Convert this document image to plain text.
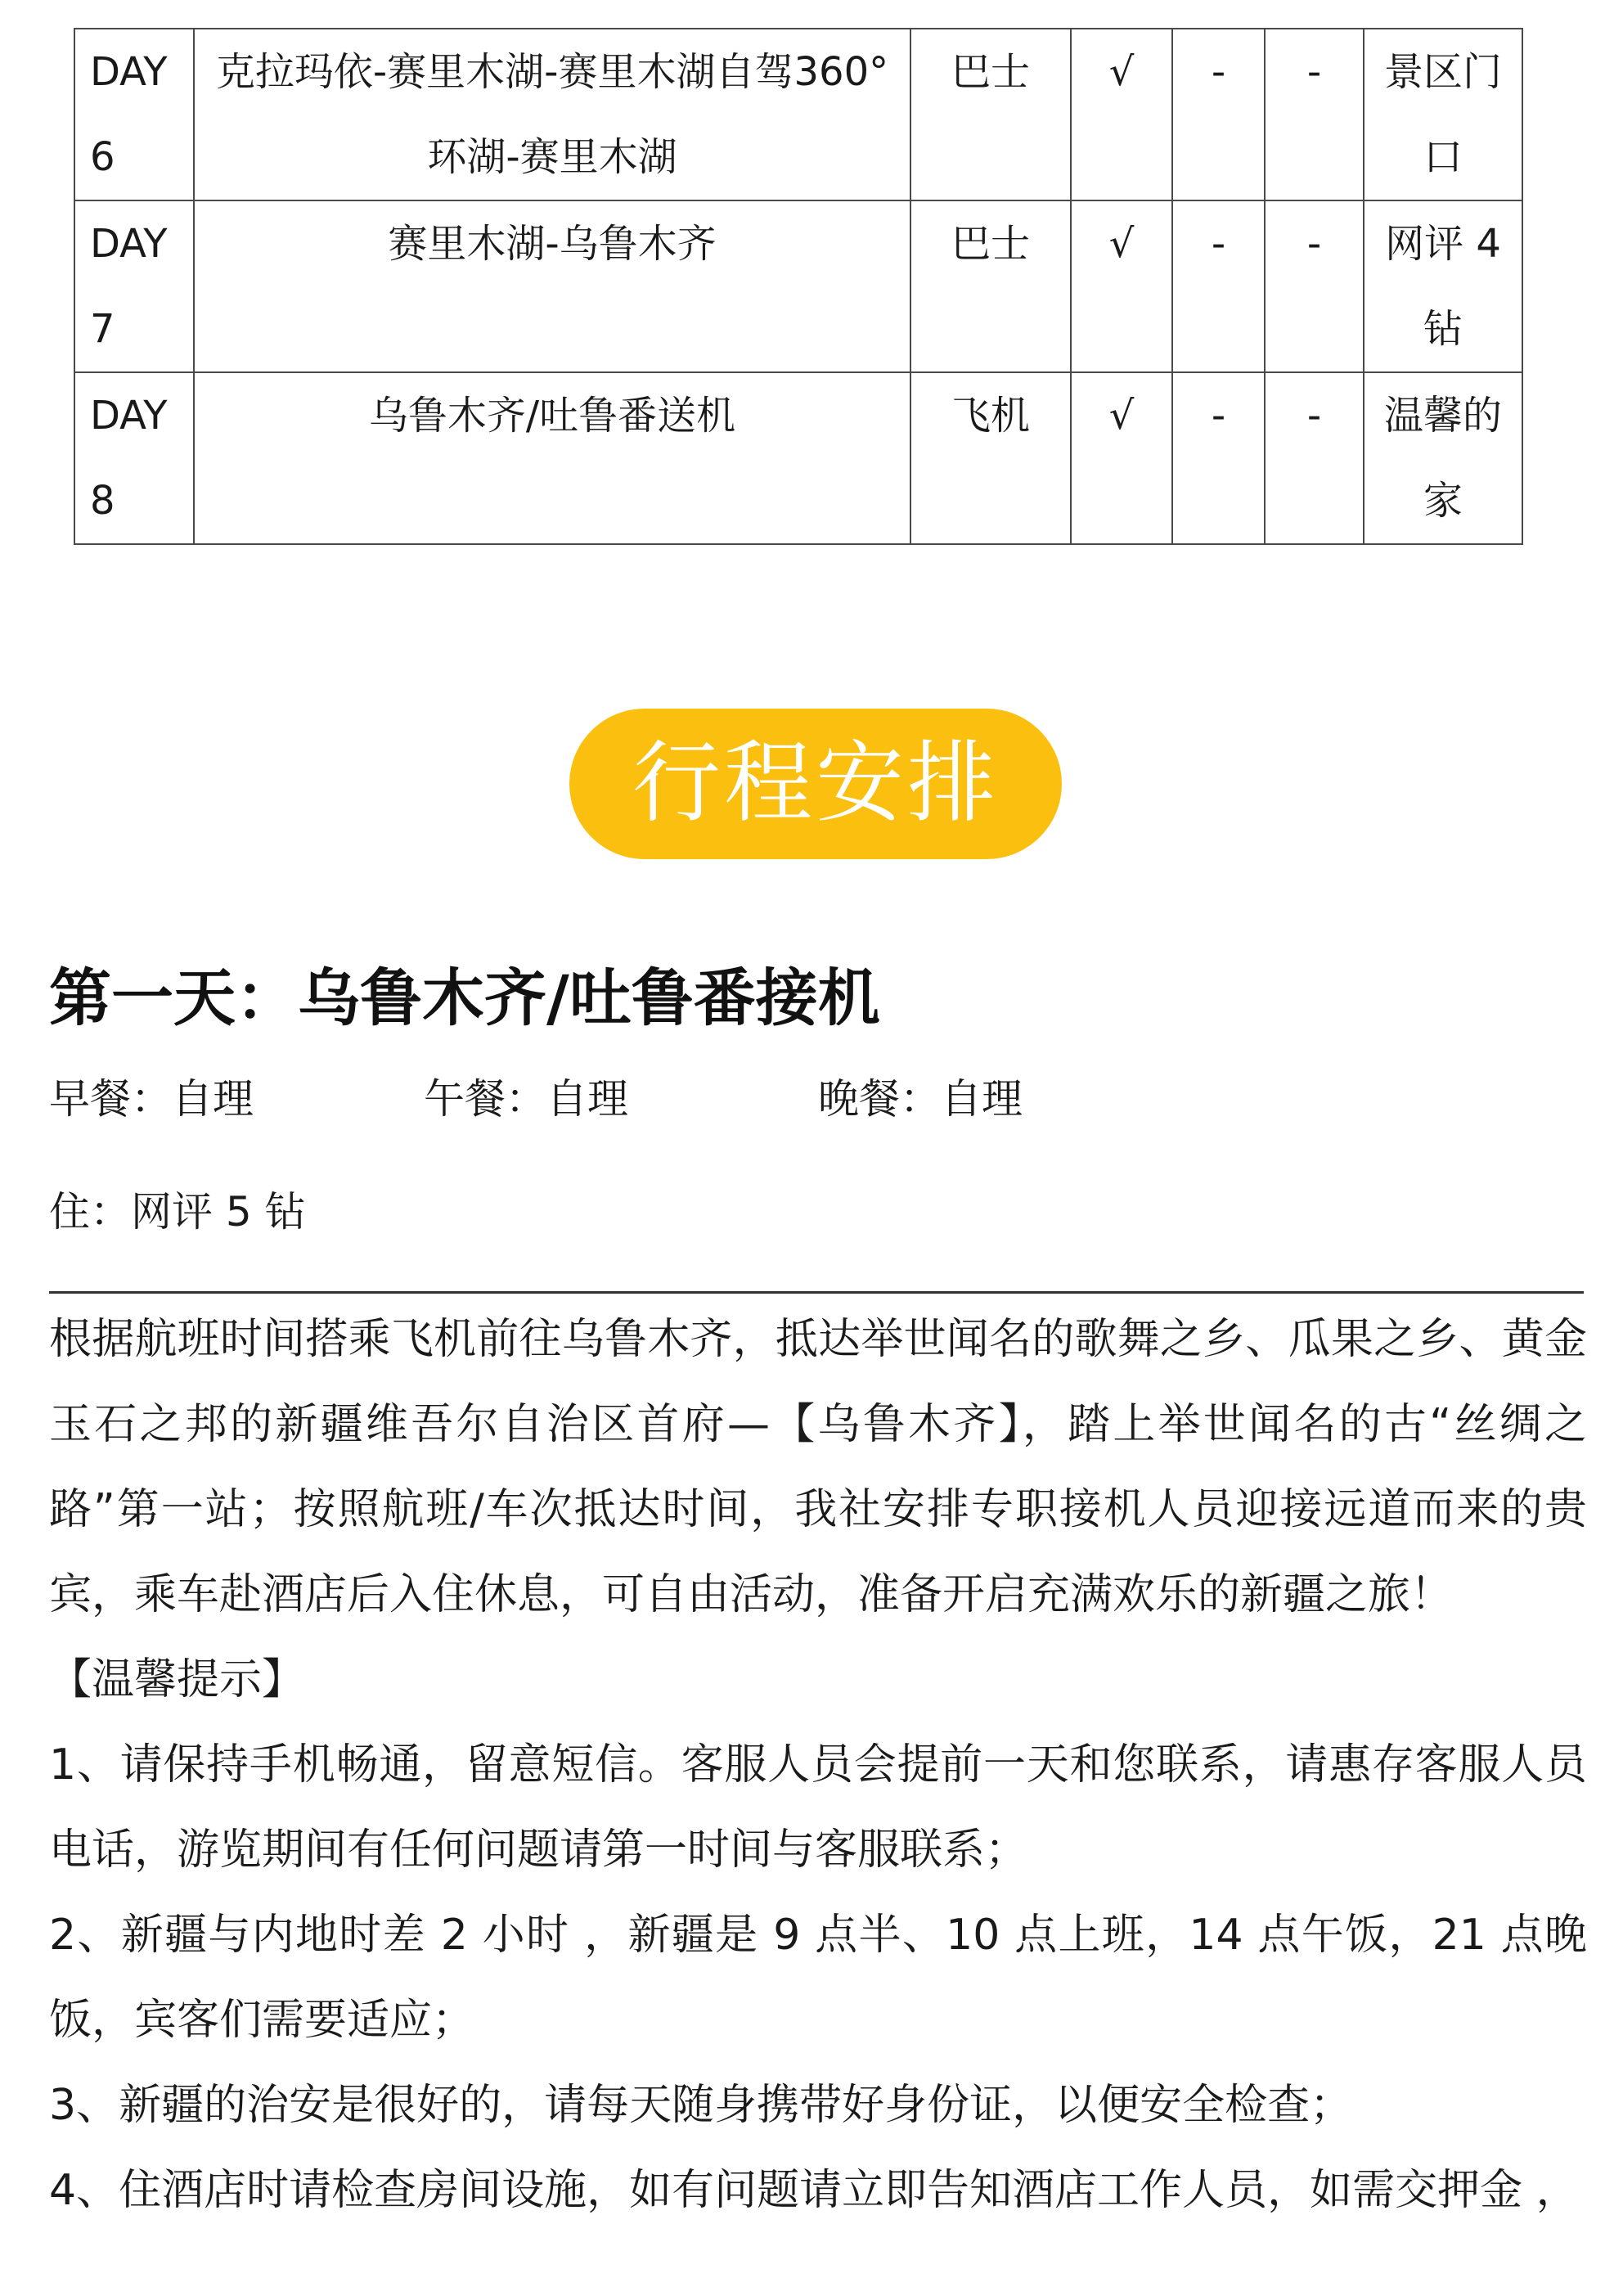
DAY6	克拉玛依-赛里木湖-赛里木湖自驾360°环湖-赛里木湖	巴士	√	-	-	景区门口
DAY7	赛里木湖-乌鲁木齐	巴士	√	-	-	网评 4 钻
DAY8	乌鲁木齐/吐鲁番送机	飞机	√	-	-	温馨的家
行程安排
第一天：乌鲁木齐/吐鲁番接机
早餐：自理	午餐：自理	晚餐：自理
住：网评 5 钻

根据航班时间搭乘飞机前往乌鲁木齐，抵达举世闻名的歌舞之乡、瓜果之乡、黄金玉石之邦的新疆维吾尔自治区首府—【乌鲁木齐】，踏上举世闻名的古“丝绸之路”第一站；按照航班/车次抵达时间，我社安排专职接机人员迎接远道而来的贵宾，乘车赴酒店后入住休息，可自由活动，准备开启充满欢乐的新疆之旅！

【温馨提示】

1、请保持手机畅通，留意短信。客服人员会提前一天和您联系，请惠存客服人员电话，游览期间有任何问题请第一时间与客服联系；

2、新疆与内地时差 2 小时 ，新疆是 9 点半、10 点上班，14 点午饭，21 点晚饭，宾客们需要适应；

3、新疆的治安是很好的，请每天随身携带好身份证，以便安全检查；

4、住酒店时请检查房间设施，如有问题请立即告知酒店工作人员，如需交押金 ，
